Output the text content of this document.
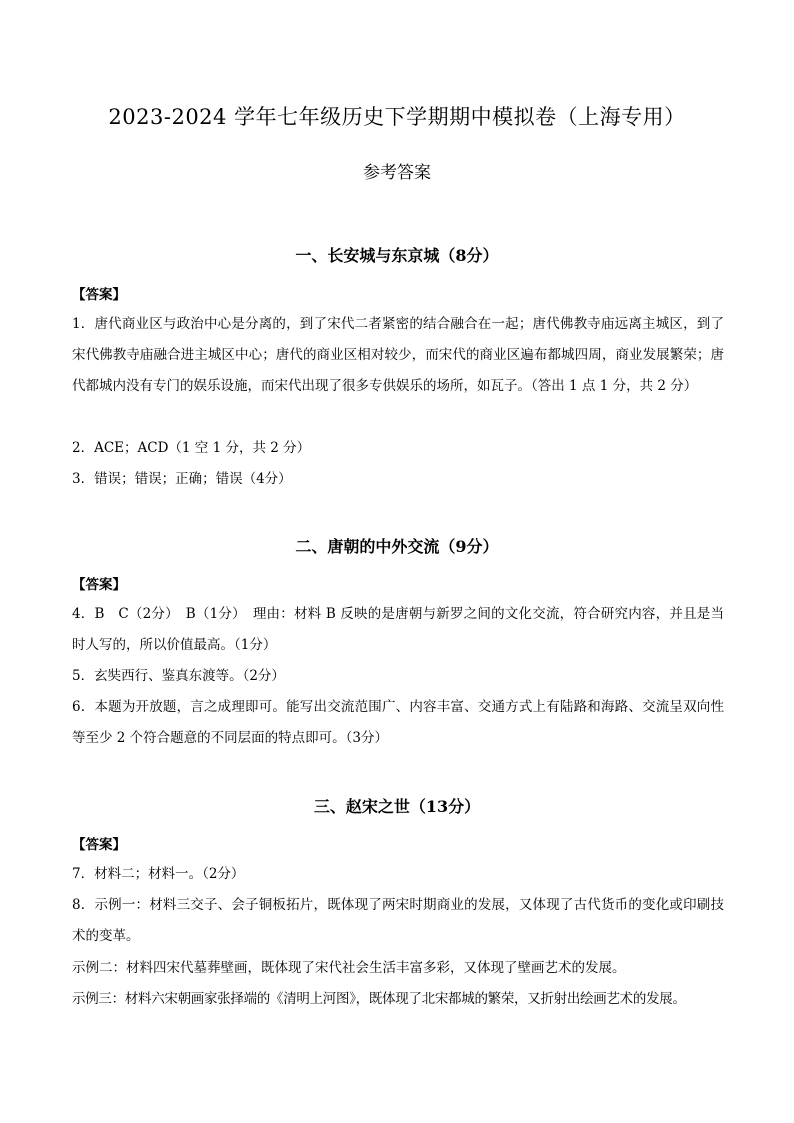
2023-2024 学年七年级历史下学期期中模拟卷（上海专用）
参考答案
一、长安城与东京城（8分）
【答案】
1．唐代商业区与政治中心是分离的，到了宋代二者紧密的结合融合在一起；唐代佛教寺庙远离主城区，到了宋代佛教寺庙融合进主城区中心；唐代的商业区相对较少，而宋代的商业区遍布都城四周，商业发展繁荣；唐代都城内没有专门的娱乐设施，而宋代出现了很多专供娱乐的场所，如瓦子。（答出 1 点 1 分，共 2 分）
2．ACE；ACD（1 空 1 分，共 2 分）
3．错误；错误；正确；错误（4分）
二、唐朝的中外交流（9分）
【答案】
4．B　C（2分）　B（1分）　理由：材料 B 反映的是唐朝与新罗之间的文化交流，符合研究内容，并且是当时人写的，所以价值最高。（1分）
5．玄奘西行、鉴真东渡等。（2分）
6．本题为开放题，言之成理即可。能写出交流范围广、内容丰富、交通方式上有陆路和海路、交流呈双向性等至少 2 个符合题意的不同层面的特点即可。（3分）
三、赵宋之世（13分）
【答案】
7．材料二；材料一。（2分）
8．示例一：材料三交子、会子铜板拓片，既体现了两宋时期商业的发展，又体现了古代货币的变化或印刷技术的变革。
示例二：材料四宋代墓葬壁画，既体现了宋代社会生活丰富多彩，又体现了壁画艺术的发展。
示例三：材料六宋朝画家张择端的《清明上河图》，既体现了北宋都城的繁荣，又折射出绘画艺术的发展。
